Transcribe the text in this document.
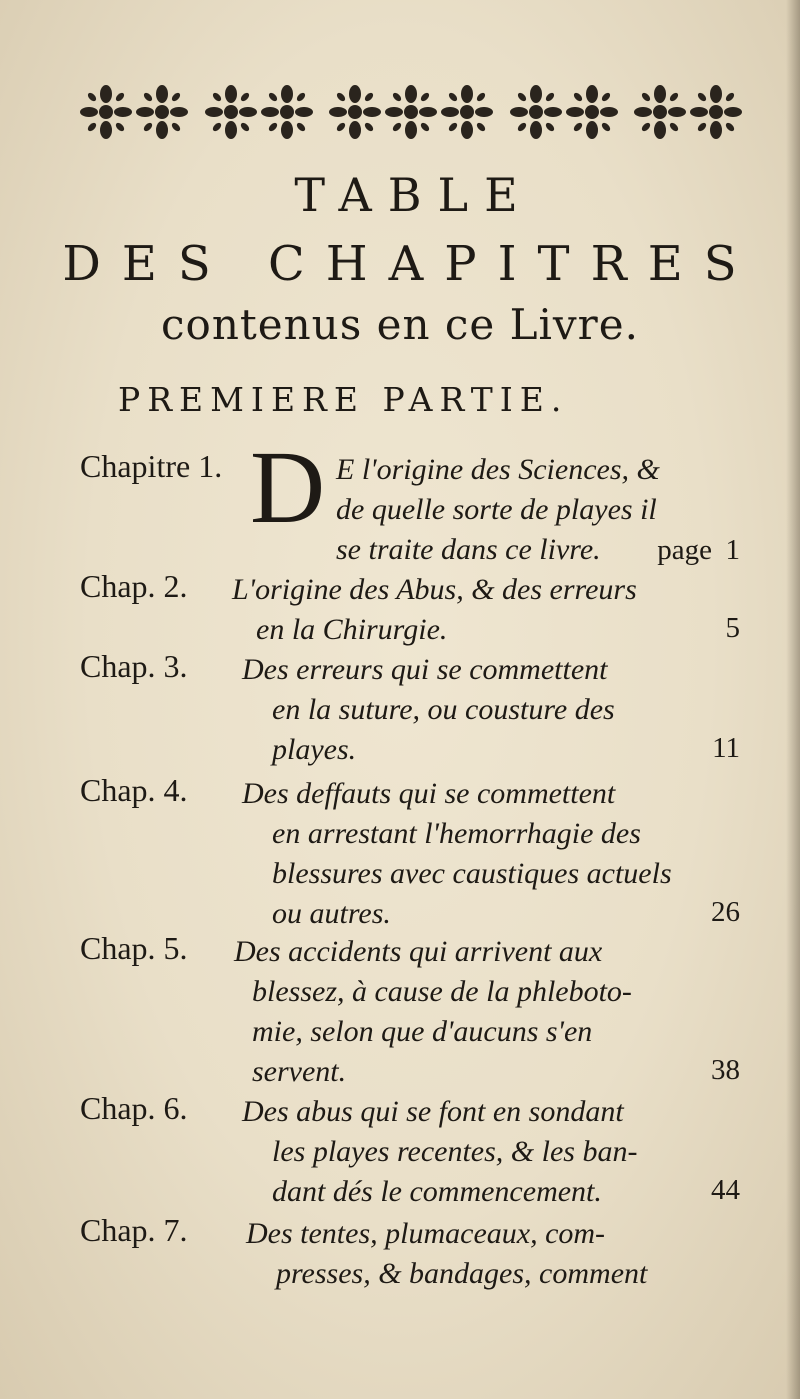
TABLE
DES CHAPITRES
contenus en ce Livre.
PREMIERE PARTIE.
Chapitre 1. D E l'origine des Sciences, &
de quelle sorte de playes il
se traite dans ce livre.	page 1
Chap. 2. L'origine des Abus, & des erreurs
en la Chirurgie.	5
Chap. 3. Des erreurs qui se commettent
en la suture, ou cousture des
playes.	11
Chap. 4. Des deffauts qui se commettent
en arrestant l'hemorrhagie des
blessures avec caustiques actuels
ou autres.	26
Chap. 5. Des accidents qui arrivent aux
blessez, à cause de la phleboto-
mie, selon que d'aucuns s'en
servent.	38
Chap. 6. Des abus qui se font en sondant
les playes recentes, & les ban-
dant dés le commencement.	44
Chap. 7. Des tentes, plumaceaux, com-
presses, & bandages, comment
